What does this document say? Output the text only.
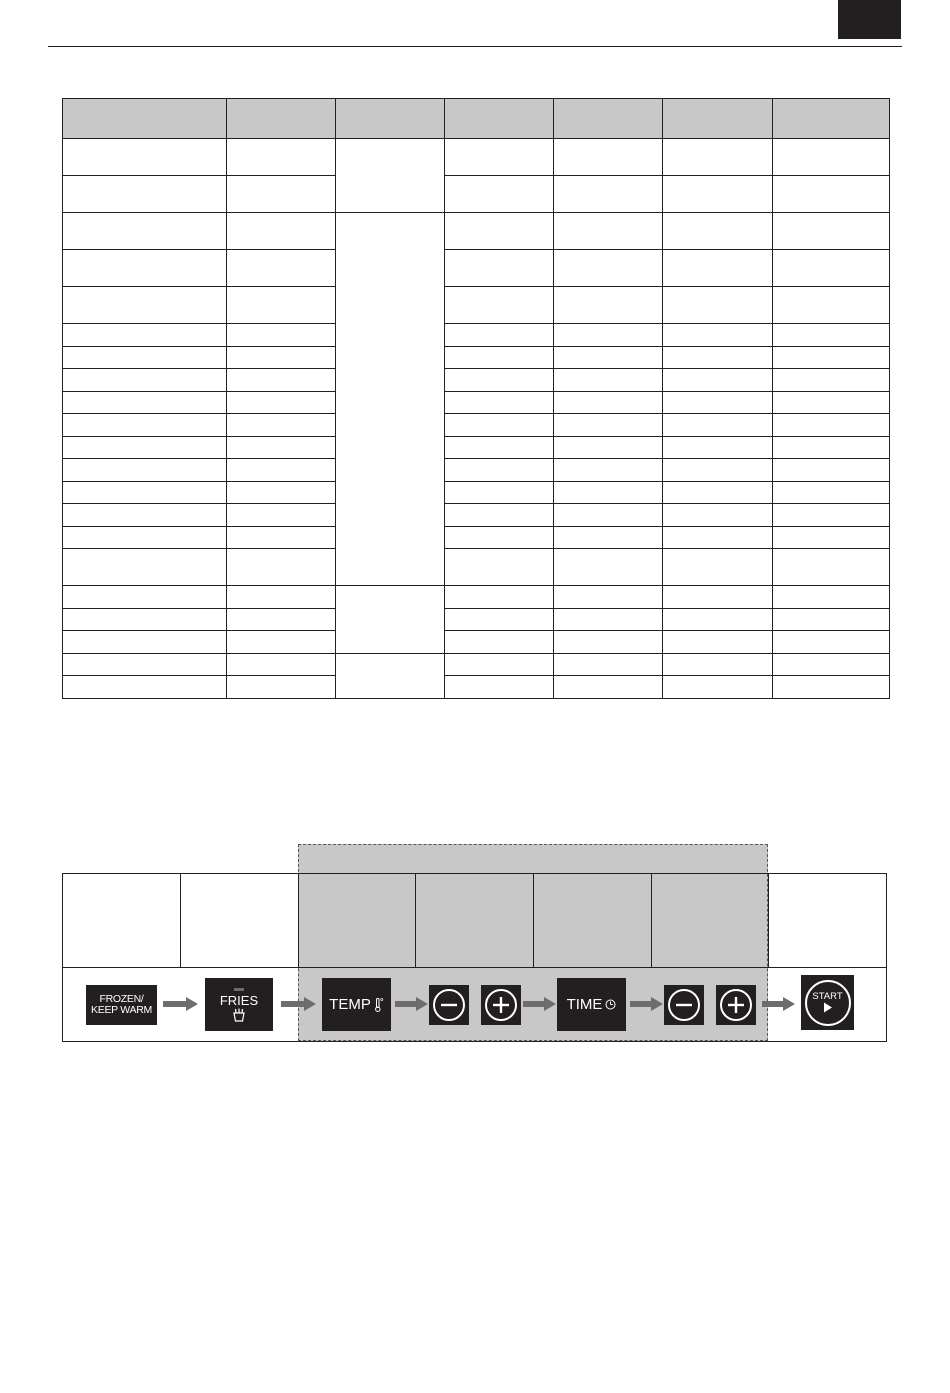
FROZEN/
KEEP WARM
FRIES	TEMP	TIME	START
